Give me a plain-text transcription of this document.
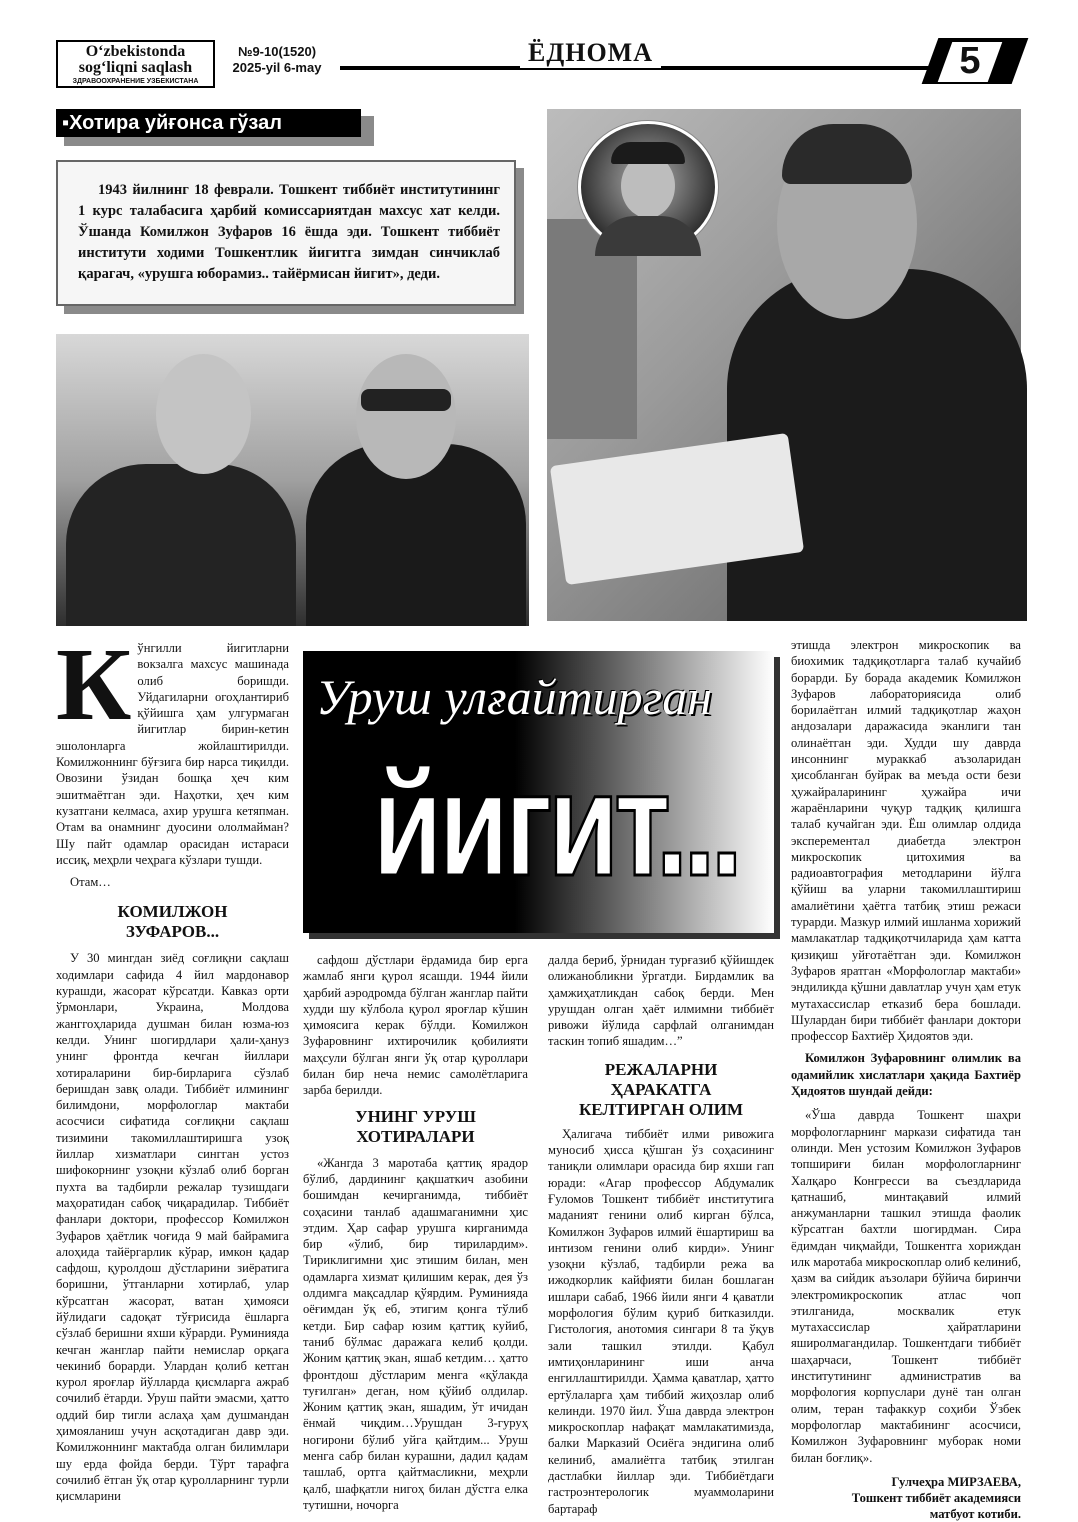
O‘zbekistonda
sog‘liqni saqlash
ЗДРАВООХРАНЕНИЕ УЗБЕКИСТАНА
№9-10(1520)
2025-yil 6-may
ЁДНОМА	5
▪Хотира уйғонса гўзал
1943 йилнинг 18 феврали. Тошкент тиббиёт институтининг 1 курс талабасига ҳарбий комиссариятдан махсус хат келди. Ўшанда Комилжон Зуфаров 16 ёшда эди. Тошкент тиббиёт институти ходими Тошкентлик йигитга зимдан синчиклаб қарагач, «урушга юборамиз.. тайёрмисан йигит», деди.
Уруш улғайтирган
йигит...
К ўнгилли йигитларни вокзалга махсус машинада олиб боришди. Уйдагиларни огоҳлантириб қўйишга ҳам улгурмаган йигитлар бирин-кетин эшолонларга жойлаштирилди. Комилжоннинг бўғзига бир нарса тиқилди. Овозини ўзидан бошқа ҳеч ким эшитмаётган эди. Наҳотки, ҳеч ким кузатгани келмаса, ахир урушга кетяпман. Отам ва онамнинг дуосини ололмайман? Шу пайт одамлар орасидан истараси иссиқ, меҳрли чеҳрага кўзлари тушди.

Отам…

КОМИЛЖОН ЗУФАРОВ...

У 30 мингдан зиёд соғлиқни сақлаш ходимлари сафида 4 йил мардонавор курашди, жасорат кўрсатди. Кавказ орти ўрмонлари, Украина, Молдова жанггоҳларида душман билан юзма-юз келди. Унинг шогирдлари ҳали-ҳануз унинг фронтда кечган йиллари хотираларини бир-бирларига сўзлаб беришдан завқ олади. Тиббиёт илмининг билимдони, морфологлар мактаби асосчиси сифатида соғлиқни сақлаш тизимини такомиллаштиришга узоқ йиллар хизматлари сингган устоз шифокорнинг узоқни кўзлаб олиб борган пухта ва тадбирли режалар тузишдаги маҳоратидан сабоқ чиқарадилар. Тиббиёт фанлари доктори, профессор Комилжон Зуфаров ҳаётлик чоғида 9 май байрамига алоҳида тайёргарлик кўрар, имкон қадар сафдош, қуролдош дўстларини зиёратига боришни, ўтганларни хотирлаб, улар кўрсатган жасорат, ватан ҳимояси йўлидаги садоқат тўғрисида ёшларга сўзлаб беришни яхши кўрарди. Руминияда кечган жанглар пайти немислар орқага чекиниб борарди. Улардан қолиб кетган курол яроғлар йўлларда қисмларга ажраб сочилиб ётарди. Уруш пайти эмасми, ҳатто оддий бир тигли аслаҳа ҳам душмандан ҳимояланиш учун асқотадиган давр эди. Комилжоннинг мактабда олган билимлари шу ерда фойда берди. Тўрт тарафга сочилиб ётган ўқ отар қуролларнинг турли қисмларини

сафдош дўстлари ёрдамида бир ерга жамлаб янги қурол ясашди. 1944 йили ҳарбий аэродромда бўлган жанглар пайти худди шу кўлбола қурол яроғлар кўшин ҳимоясига керак бўлди. Комилжон Зуфаровнинг ихтирочилик қобилияти маҳсули бўлган янги ўқ отар қуроллари билан бир неча немис самолётларига зарба берилди.

УНИНГ УРУШ ХОТИРАЛАРИ

«Жангда 3 маротаба қаттиқ ярадор бўлиб, дардининг қақшаткич азобини бошимдан кечирганимда, тиббиёт соҳасини танлаб адашмаганимни ҳис этдим. Ҳар сафар урушга кирганимда бир «ўлиб, бир тирилардим». Тириклигимни ҳис этишим билан, мен одамларга хизмат қилишим керак, дея ўз олдимга мақсадлар қўярдим. Руминияда оёғимдан ўқ еб, этигим қонга тўлиб кетди. Бир сафар юзим қаттиқ куйиб, таниб бўлмас даражага келиб қолди. Жоним қаттиқ экан, яшаб кетдим… ҳатто фронтдош дўстларим менга «қўлакда туғилган» деган, ном қўйиб олдилар. Жоним қаттиқ экан, яшадим, ўт ичидан ёнмай чиқдим…Урушдан 3-гуруҳ ногирони бўлиб уйга қайтдим... Уруш менга сабр билан курашни, дадил қадам ташлаб, ортга қайтмасликни, меҳрли қалб, шафқатли нигоҳ билан дўстга елка тутишни, ночорга

далда бериб, ўрнидан турғазиб қўйишдек олижанобликни ўргатди. Бирдамлик ва ҳамжиҳатликдан сабоқ берди. Мен урушдан олган ҳаёт илмимни тиббиёт ривожи йўлида сарфлай олганимдан таскин топиб яшадим…”

РЕЖАЛАРНИ ҲАРАКАТГА КЕЛТИРГАН ОЛИМ

Ҳалигача тиббиёт илми ривожига муносиб ҳисса қўшган ўз соҳасининг таниқли олимлари орасида бир яхши гап юради: «Агар профессор Абдумалик Ғуломов Тошкент тиббиёт институтига маданият генини олиб кирган бўлса, Комилжон Зуфаров илмий ёшартириш ва интизом генини олиб кирди». Унинг узоқни кўзлаб, тадбирли режа ва ижодкорлик кайфияти билан бошлаган ишлари сабаб, 1966 йили янги 4 қаватли морфология бўлим қуриб битказилди. Гистология, анотомия сингари 8 та ўқув зали ташкил этилди. Қабул имтиҳонларининг иши анча енгиллаштирилди. Ҳамма қаватлар, ҳатто ертўлаларга ҳам тиббий жиҳозлар олиб келинди. 1970 йил. Ўша даврда электрон микроскоплар нафақат мамлакатимизда, балки Марказий Осиёга эндигина олиб келиниб, амалиётга татбиқ этилган дастлабки йиллар эди. Тиббиётдаги гастроэнтерологик муаммоларини бартараф

этишда электрон микроскопик ва биохимик тадқиқотларга талаб кучайиб борарди. Бу борада академик Комилжон Зуфаров лабораториясида олиб борилаётган илмий тадқиқотлар жаҳон андозалари даражасида эканлиги тан олинаётган эди. Худди шу даврда инсоннинг мураккаб аъзоларидан ҳисобланган буйрак ва меъда ости бези ҳужайраларининг ҳужайра ичи жараёнларини чуқур тадқиқ қилишга талаб кучайган эди. Ёш олимлар олдида эксперементал диабетда электрон микроскопик цитохимия ва радиоавтография методларини йўлга қўйиш ва уларни такомиллаштириш амалиётини ҳаётга татбиқ этиш режаси турарди. Мазкур илмий ишланма хорижий мамлакатлар тадқиқотчиларида ҳам катта қизиқиш уйғотаётган эди. Комилжон Зуфаров яратган «Морфологлар мактаби» эндиликда қўшни давлатлар учун ҳам етук мутахассислар етказиб бера бошлади. Шулардан бири тиббиёт фанлари доктори профессор Бахтиёр Ҳидоятов эди.

Комилжон Зуфаровнинг олимлик ва одамийлик хислатлари ҳақида Бахтиёр Ҳидоятов шундай дейди:

«Ўша даврда Тошкент шаҳри морфологларнинг маркази сифатида тан олинди. Мен устозим Комилжон Зуфаров топшириғи билан морфологларнинг Халқаро Конгресси ва съездларида қатнашиб, минтақавий илмий анжуманларни ташкил этишда фаолик кўрсатган бахтли шогирдман. Сира ёдимдан чиқмайди, Тошкентга хориждан илк маротаба микроскоплар олиб келиниб, ҳазм ва сийдик аъзолари бўйича биринчи электромикроскопик атлас чоп этилганида, москвалик етук мутахассислар ҳайратларини яширолмагандилар. Тошкентдаги тиббиёт шаҳарчаси, Тошкент тиббиёт институтининг административ ва морфология корпуслари дунё тан олган олим, теран тафаккур соҳиби Ўзбек морфологлар мактабининг асосчиси, Комилжон Зуфаровнинг муборак номи билан боғлиқ».

Гулчеҳра МИРЗАЕВА,
Тошкент тиббиёт академияси
матбуот котиби.
